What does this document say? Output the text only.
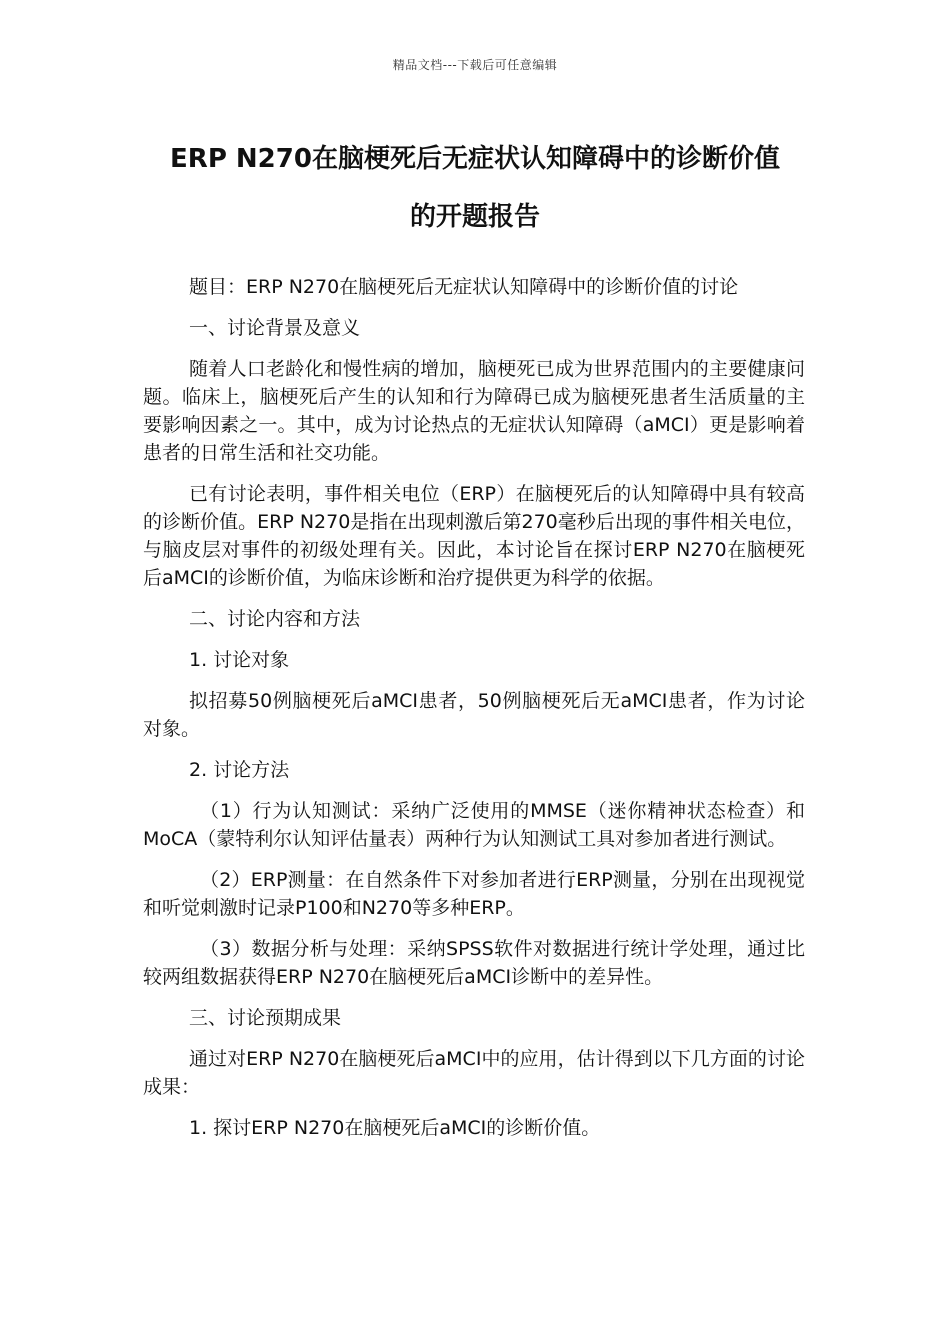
精品文档---下载后可任意编辑
ERP N270在脑梗死后无症状认知障碍中的诊断价值
的开题报告

题目：ERP N270在脑梗死后无症状认知障碍中的诊断价值的讨论

一、讨论背景及意义

随着人口老龄化和慢性病的增加，脑梗死已成为世界范围内的主要健康问题。临床上，脑梗死后产生的认知和行为障碍已成为脑梗死患者生活质量的主要影响因素之一。其中，成为讨论热点的无症状认知障碍（aMCI）更是影响着患者的日常生活和社交功能。

已有讨论表明，事件相关电位（ERP）在脑梗死后的认知障碍中具有较高的诊断价值。ERP N270是指在出现刺激后第270毫秒后出现的事件相关电位，与脑皮层对事件的初级处理有关。因此，本讨论旨在探讨ERP N270在脑梗死后aMCI的诊断价值，为临床诊断和治疗提供更为科学的依据。

二、讨论内容和方法

1. 讨论对象

拟招募50例脑梗死后aMCI患者，50例脑梗死后无aMCI患者，作为讨论对象。

2. 讨论方法

（1）行为认知测试：采纳广泛使用的MMSE（迷你精神状态检查）和MoCA（蒙特利尔认知评估量表）两种行为认知测试工具对参加者进行测试。

（2）ERP测量：在自然条件下对参加者进行ERP测量，分别在出现视觉和听觉刺激时记录P100和N270等多种ERP。

（3）数据分析与处理：采纳SPSS软件对数据进行统计学处理，通过比较两组数据获得ERP N270在脑梗死后aMCI诊断中的差异性。

三、讨论预期成果

通过对ERP N270在脑梗死后aMCI中的应用，估计得到以下几方面的讨论成果：

1. 探讨ERP N270在脑梗死后aMCI的诊断价值。
